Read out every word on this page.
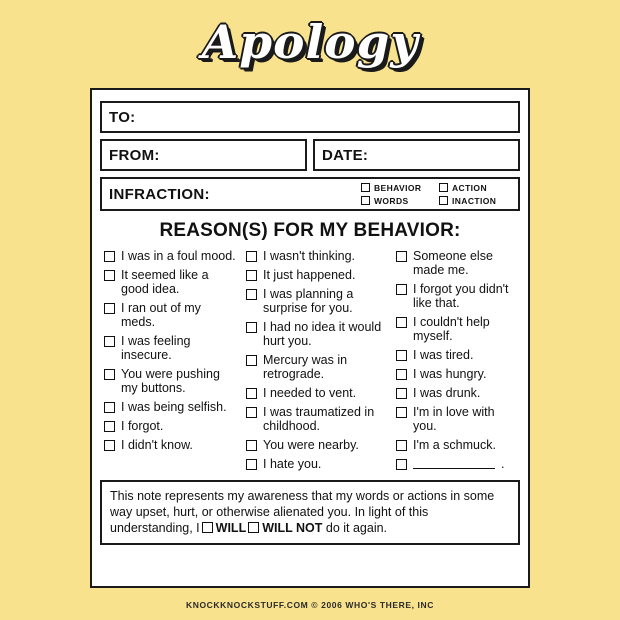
Apology
TO:
FROM:	DATE:
INFRACTION:	BEHAVIOR	ACTION
WORDS	INACTION
REASON(S) FOR MY BEHAVIOR:
I was in a foul mood.
It seemed like a good idea.
I ran out of my meds.
I was feeling insecure.
You were pushing my buttons.
I was being selfish.
I forgot.
I didn't know.
I wasn't thinking.
It just happened.
I was planning a surprise for you.
I had no idea it would hurt you.
Mercury was in retrograde.
I needed to vent.
I was traumatized in childhood.
You were nearby.
I hate you.
Someone else made me.
I forgot you didn't like that.
I couldn't help myself.
I was tired.
I was hungry.
I was drunk.
I'm in love with you.
I'm a schmuck.
.
This note represents my awareness that my words or actions in some way upset, hurt, or otherwise alienated you. In light of this understanding, I WILL WILL NOT do it again.
KNOCKKNOCKSTUFF.COM © 2006 WHO'S THERE, INC
